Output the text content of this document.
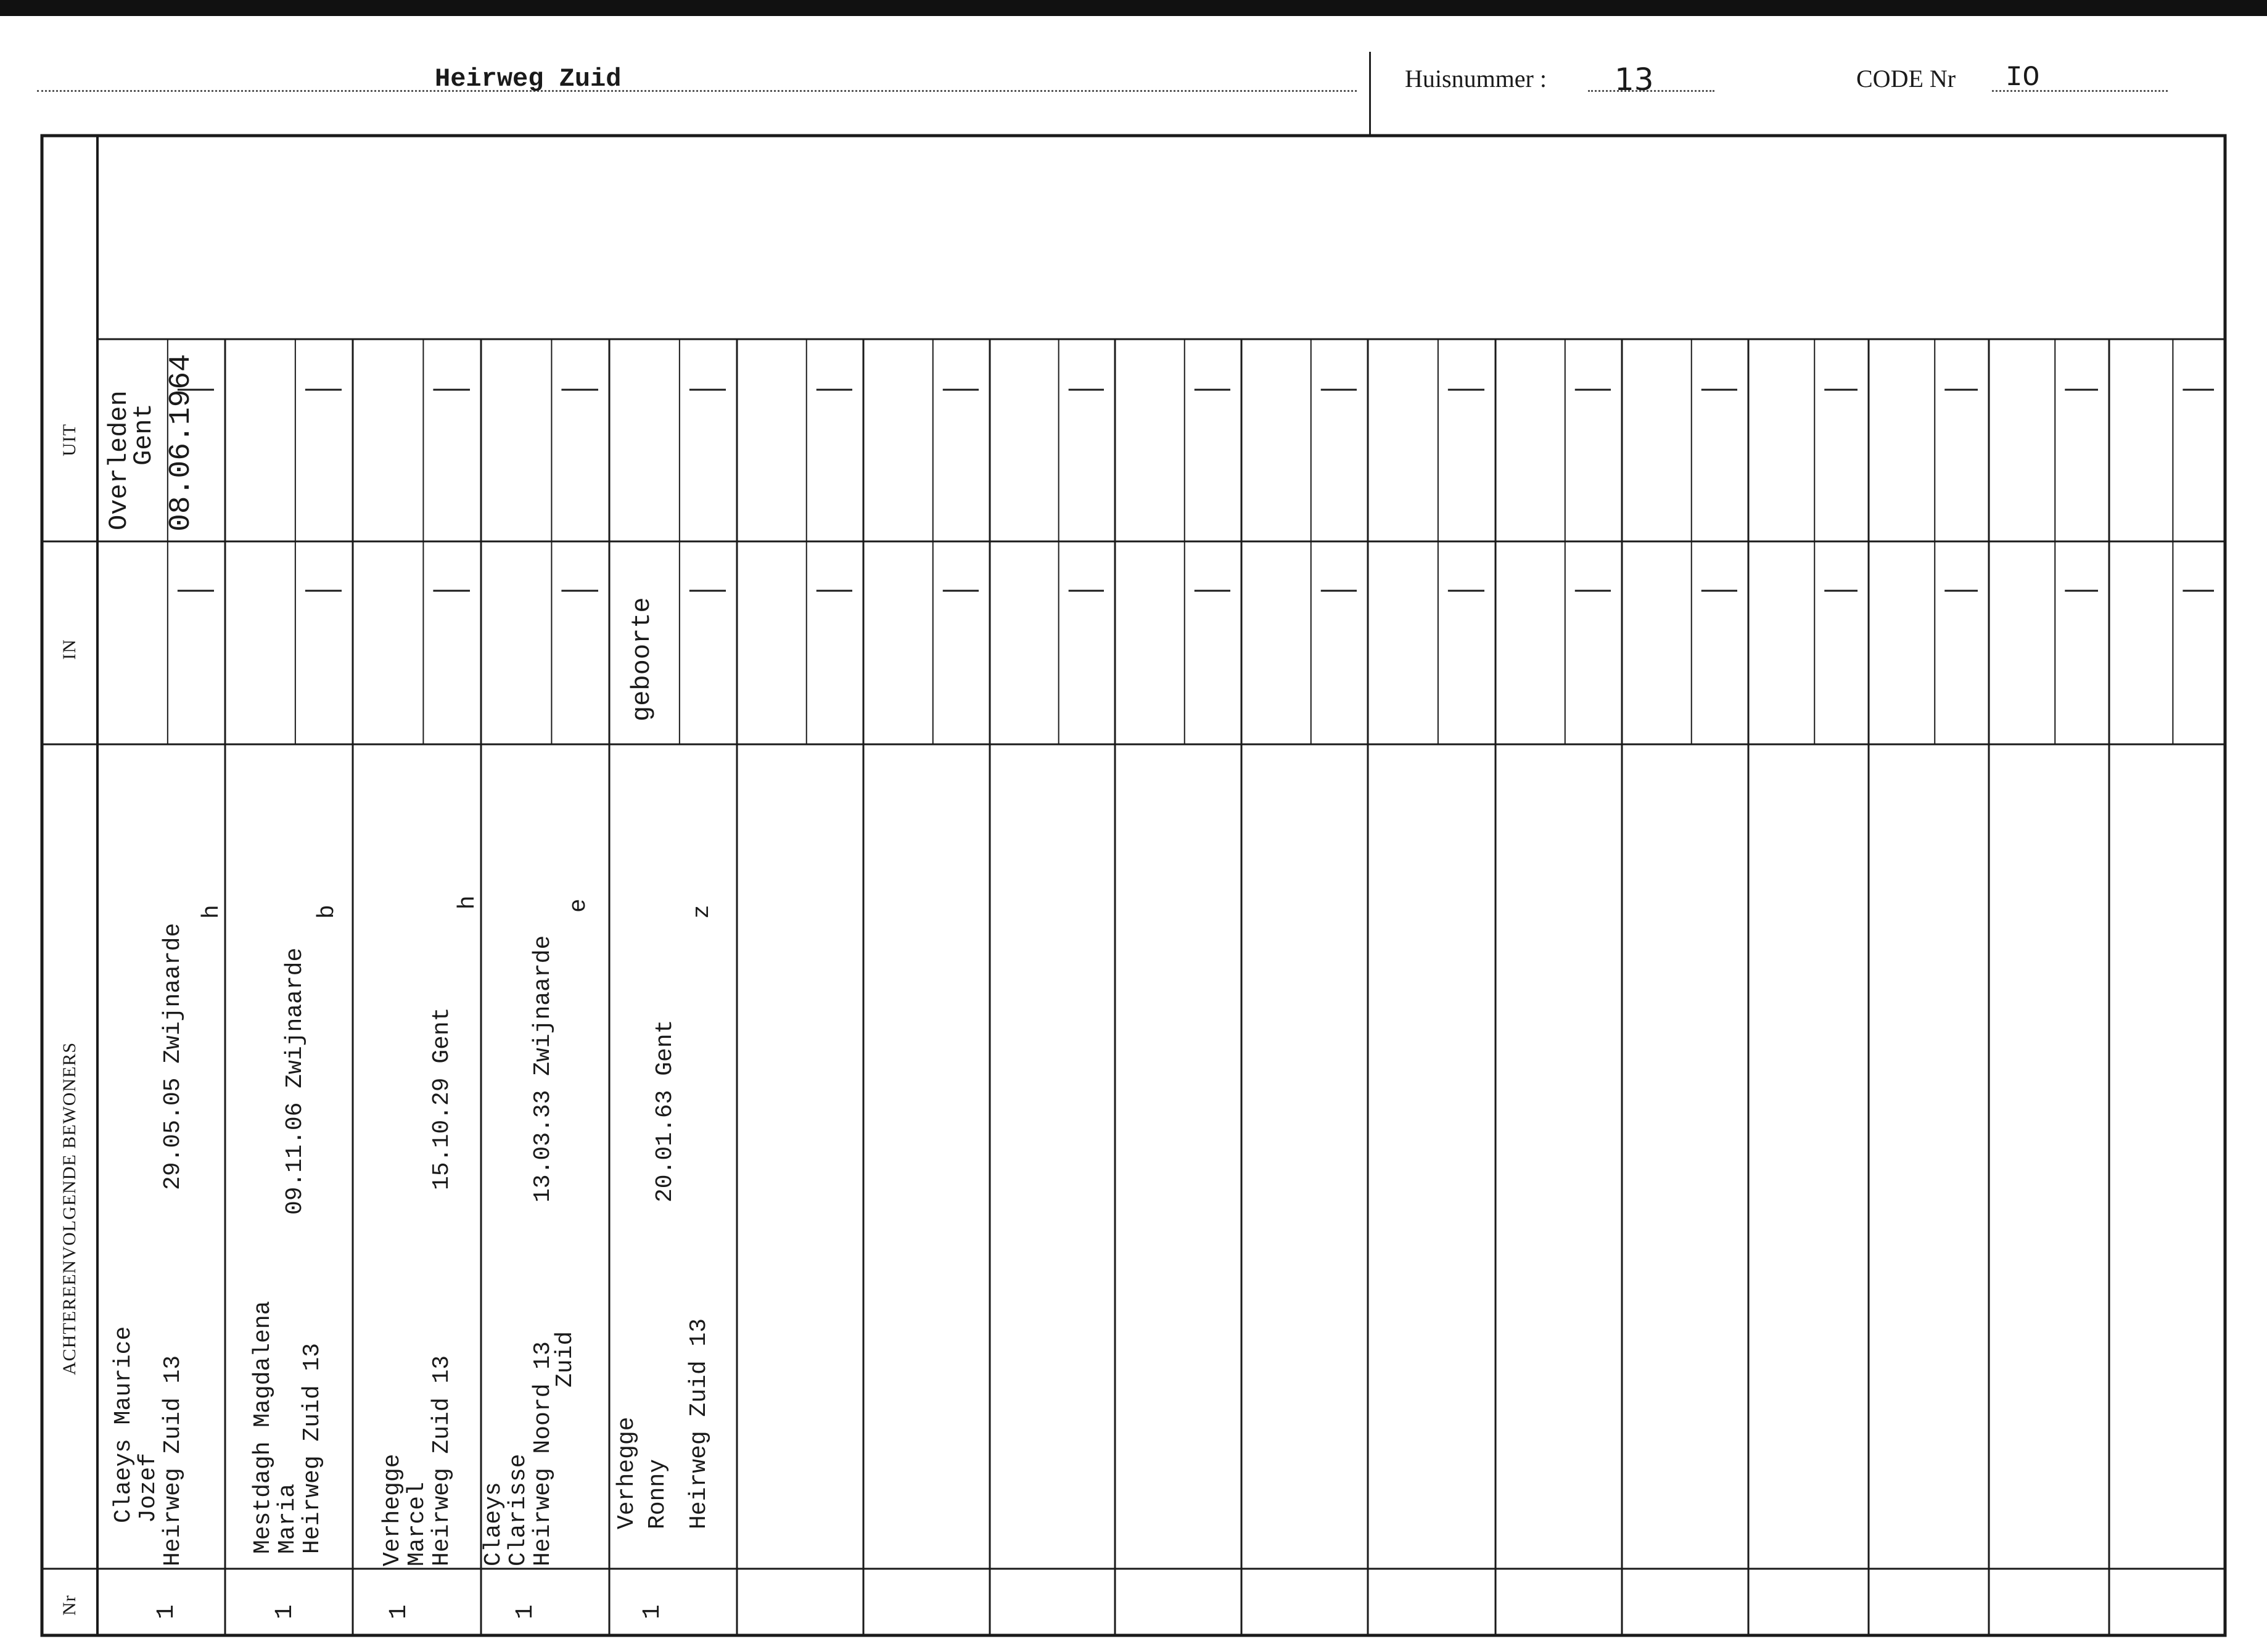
Heirweg Zuid	Huisnummer : 13	CODE Nr IO
UIT
IN
ACHTEREENVOLGENDE BEWONERS
Nr
Overleden
Gent 08.06.1964
Claeys Maurice
Jozef
Heirweg Zuid 13
29.05.05 Zwijnaarde
h
1
Mestdagh Magdalena
Maria
Heirweg Zuid 13
09.11.06 Zwijnaarde
b
1
Verhegge
Marcel
Heirweg Zuid 13
15.10.29 Gent
h
1
Claeys
Clarisse
Heirweg Noord 13
Zuid
13.03.33 Zwijnaarde
e
1
geboorte
Verhegge Ronny Heirweg Zuid 13
20.01.63 Gent
z
1
